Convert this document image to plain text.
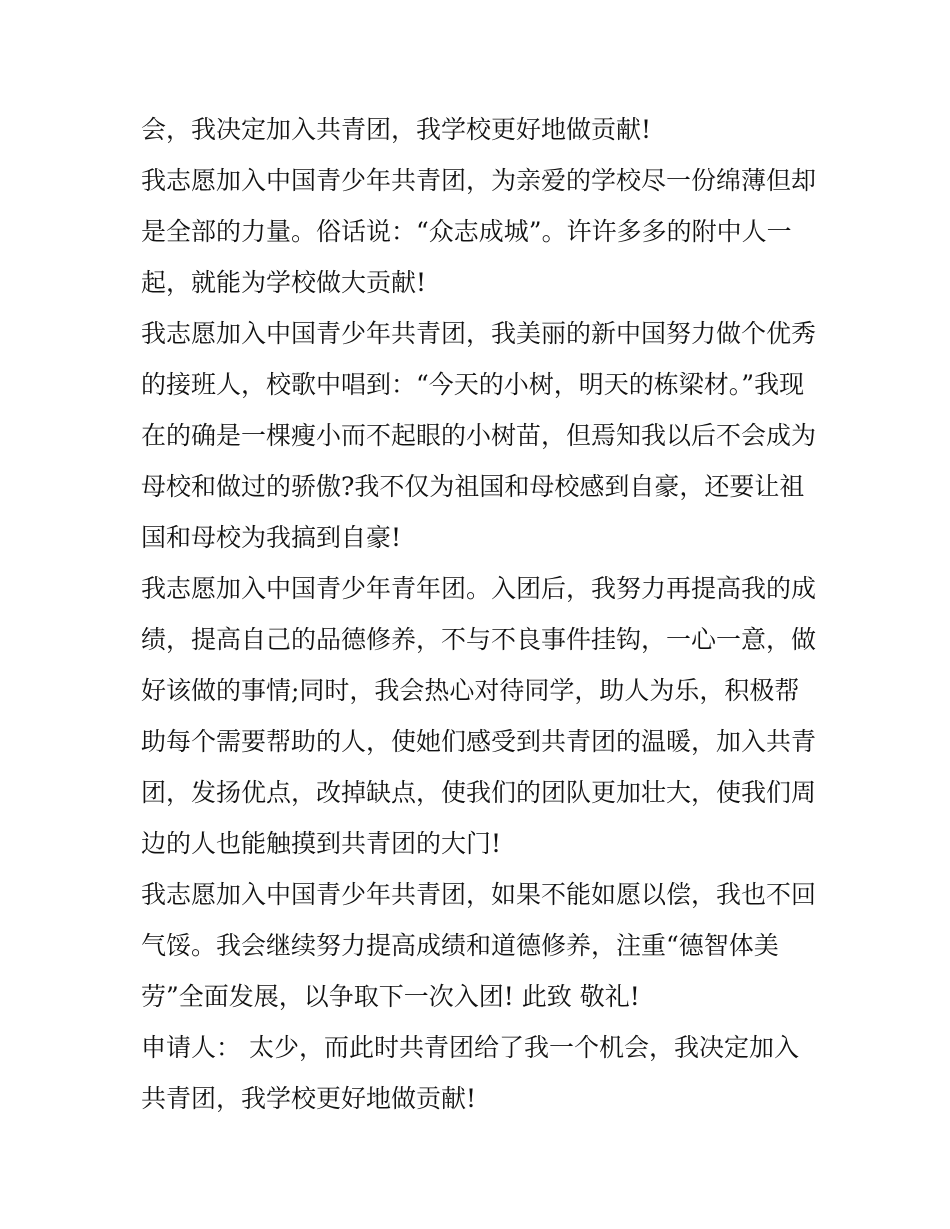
会，我决定加入共青团，我学校更好地做贡献!
我志愿加入中国青少年共青团，为亲爱的学校尽一份绵薄但却
是全部的力量。俗话说：“众志成城”。许许多多的附中人一
起，就能为学校做大贡献!
我志愿加入中国青少年共青团，我美丽的新中国努力做个优秀
的接班人，校歌中唱到：“今天的小树，明天的栋梁材。”我现
在的确是一棵瘦小而不起眼的小树苗，但焉知我以后不会成为
母校和做过的骄傲?我不仅为祖国和母校感到自豪，还要让祖
国和母校为我搞到自豪!
我志愿加入中国青少年青年团。入团后，我努力再提高我的成
绩，提高自己的品德修养，不与不良事件挂钩，一心一意，做
好该做的事情;同时，我会热心对待同学，助人为乐，积极帮
助每个需要帮助的人，使她们感受到共青团的温暖，加入共青
团，发扬优点，改掉缺点，使我们的团队更加壮大，使我们周
边的人也能触摸到共青团的大门!
我志愿加入中国青少年共青团，如果不能如愿以偿，我也不回
气馁。我会继续努力提高成绩和道德修养，注重“德智体美
劳”全面发展，以争取下一次入团! 此致 敬礼!
申请人： 太少，而此时共青团给了我一个机会，我决定加入
共青团，我学校更好地做贡献!
